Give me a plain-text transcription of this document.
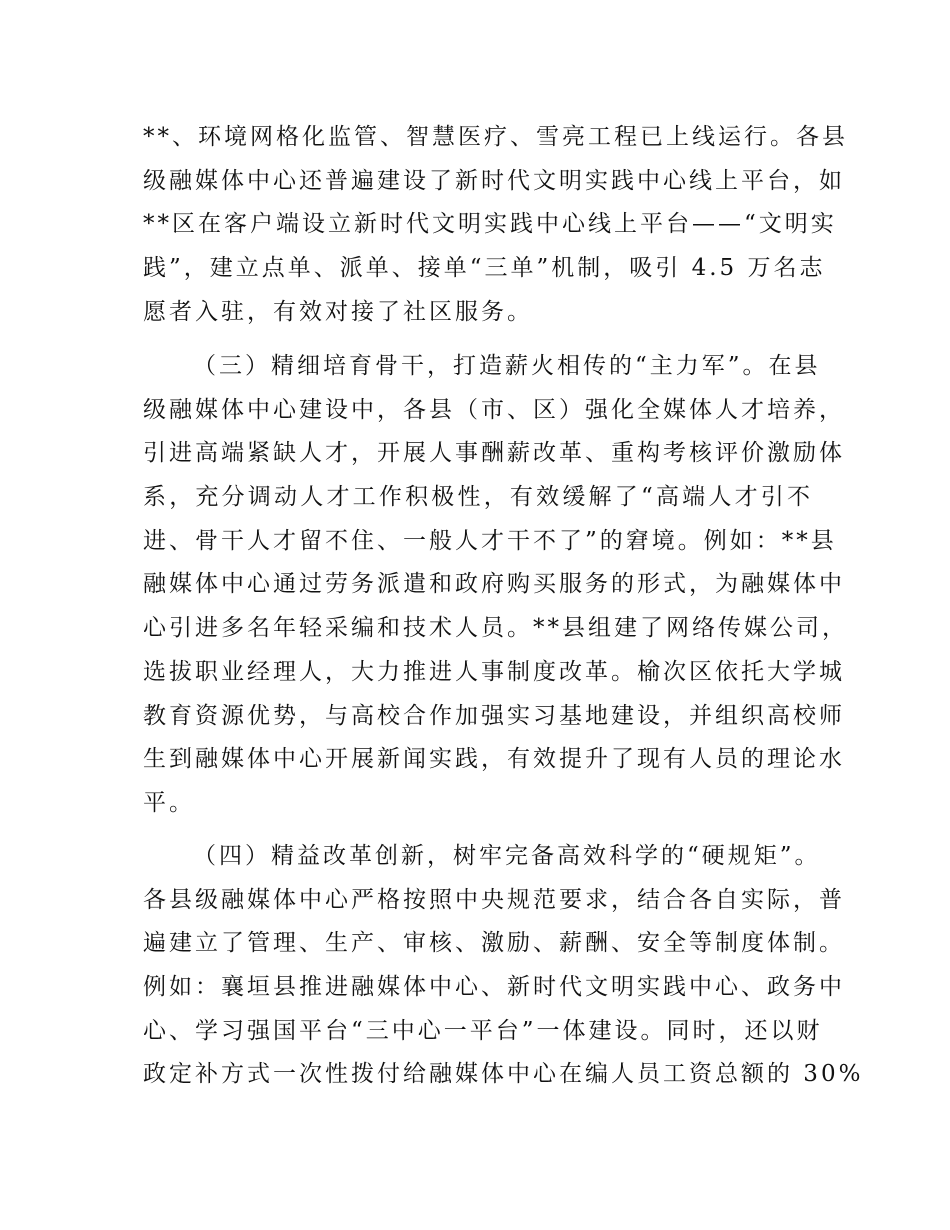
**、环境网格化监管、智慧医疗、雪亮工程已上线运行。各县
级融媒体中心还普遍建设了新时代文明实践中心线上平台，如
**区在客户端设立新时代文明实践中心线上平台——“文明实
践”，建立点单、派单、接单“三单”机制，吸引 4.5 万名志
愿者入驻，有效对接了社区服务。
（三）精细培育骨干，打造薪火相传的“主力军”。在县
级融媒体中心建设中，各县（市、区）强化全媒体人才培养，
引进高端紧缺人才，开展人事酬薪改革、重构考核评价激励体
系，充分调动人才工作积极性，有效缓解了“高端人才引不
进、骨干人才留不住、一般人才干不了”的窘境。例如：**县
融媒体中心通过劳务派遣和政府购买服务的形式，为融媒体中
心引进多名年轻采编和技术人员。**县组建了网络传媒公司，
选拔职业经理人，大力推进人事制度改革。榆次区依托大学城
教育资源优势，与高校合作加强实习基地建设，并组织高校师
生到融媒体中心开展新闻实践，有效提升了现有人员的理论水
平。
（四）精益改革创新，树牢完备高效科学的“硬规矩”。
各县级融媒体中心严格按照中央规范要求，结合各自实际，普
遍建立了管理、生产、审核、激励、薪酬、安全等制度体制。
例如：襄垣县推进融媒体中心、新时代文明实践中心、政务中
心、学习强国平台“三中心一平台”一体建设。同时，还以财
政定补方式一次性拨付给融媒体中心在编人员工资总额的 30%
